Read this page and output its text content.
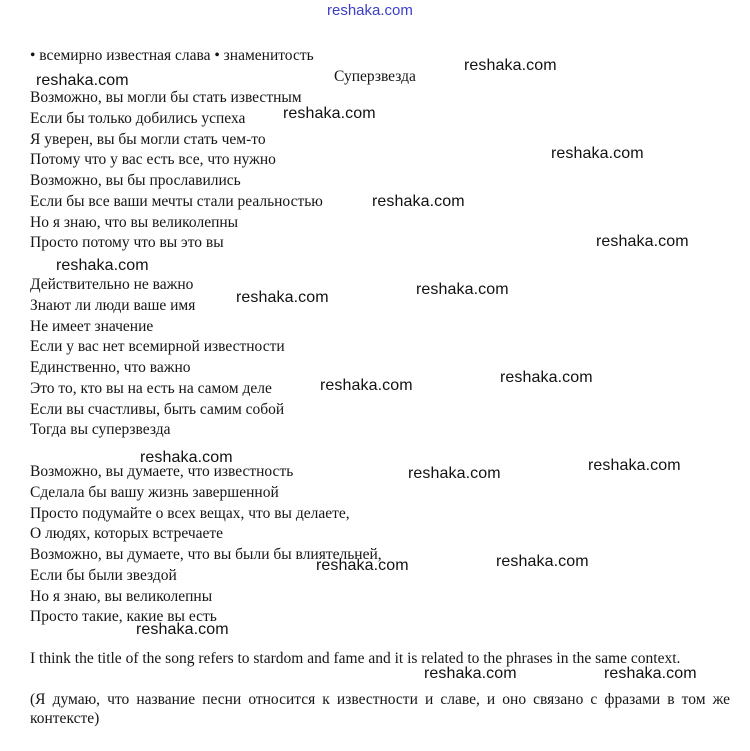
reshaka.com
• всемирно известная слава • знаменитость
Суперзвезда
Возможно, вы могли бы стать известным
Если бы только добились успеха
Я уверен, вы бы могли стать чем-то
Потому что у вас есть все, что нужно
Возможно, вы бы прославились
Если бы все ваши мечты стали реальностью
Но я знаю, что вы великолепны
Просто потому что вы это вы
Действительно не важно
Знают ли люди ваше имя
Не имеет значение
Если у вас нет всемирной известности
Единственно, что важно
Это то, кто вы на есть на самом деле
Если вы счастливы, быть самим собой
Тогда вы суперзвезда
Возможно, вы думаете, что известность
Сделала бы вашу жизнь завершенной
Просто подумайте о всех вещах, что вы делаете,
О людях, которых встречаете
Возможно, вы думаете, что вы были бы влиятельней,
Если бы были звездой
Но я знаю, вы великолепны
Просто такие, какие вы есть
I think the title of the song refers to stardom and fame and it is related to the phrases in the same context.
(Я думаю, что название песни относится к известности и славе, и оно связано с фразами в том же контексте)
reshaka.com
reshaka.com
reshaka.com
reshaka.com
reshaka.com
reshaka.com
reshaka.com
reshaka.com
reshaka.com
reshaka.com
reshaka.com
reshaka.com	reshaka.com
reshaka.com
reshaka.com
reshaka.com
reshaka.com
reshaka.com	reshaka.com
